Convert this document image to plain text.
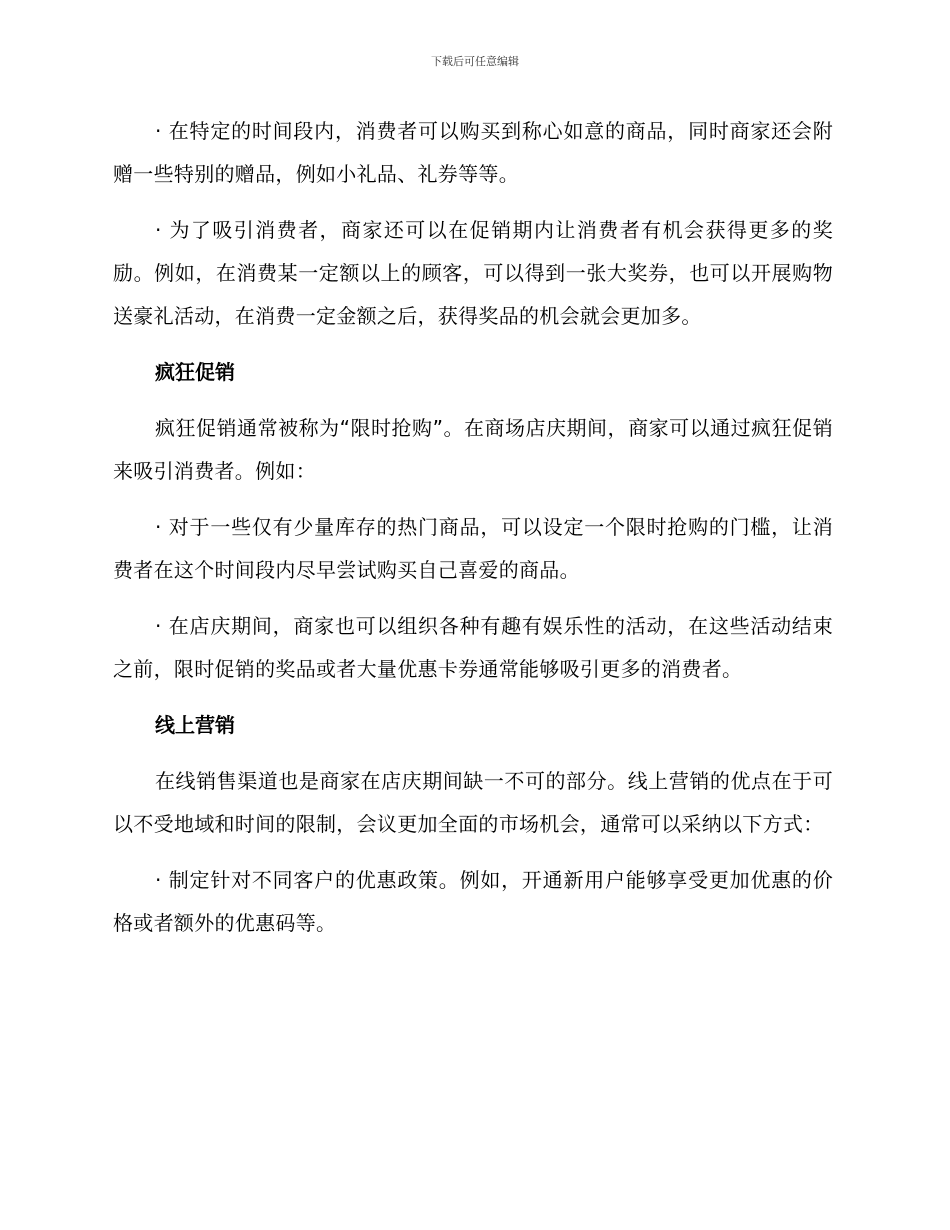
下载后可任意编辑

· 在特定的时间段内，消费者可以购买到称心如意的商品，同时商家还会附赠一些特别的赠品，例如小礼品、礼券等等。

· 为了吸引消费者，商家还可以在促销期内让消费者有机会获得更多的奖励。例如，在消费某一定额以上的顾客，可以得到一张大奖券，也可以开展购物送豪礼活动，在消费一定金额之后，获得奖品的机会就会更加多。

疯狂促销

疯狂促销通常被称为“限时抢购”。在商场店庆期间，商家可以通过疯狂促销来吸引消费者。例如：

· 对于一些仅有少量库存的热门商品，可以设定一个限时抢购的门槛，让消费者在这个时间段内尽早尝试购买自己喜爱的商品。

· 在店庆期间，商家也可以组织各种有趣有娱乐性的活动，在这些活动结束之前，限时促销的奖品或者大量优惠卡券通常能够吸引更多的消费者。

线上营销

在线销售渠道也是商家在店庆期间缺一不可的部分。线上营销的优点在于可以不受地域和时间的限制，会议更加全面的市场机会，通常可以采纳以下方式：

· 制定针对不同客户的优惠政策。例如，开通新用户能够享受更加优惠的价格或者额外的优惠码等。
